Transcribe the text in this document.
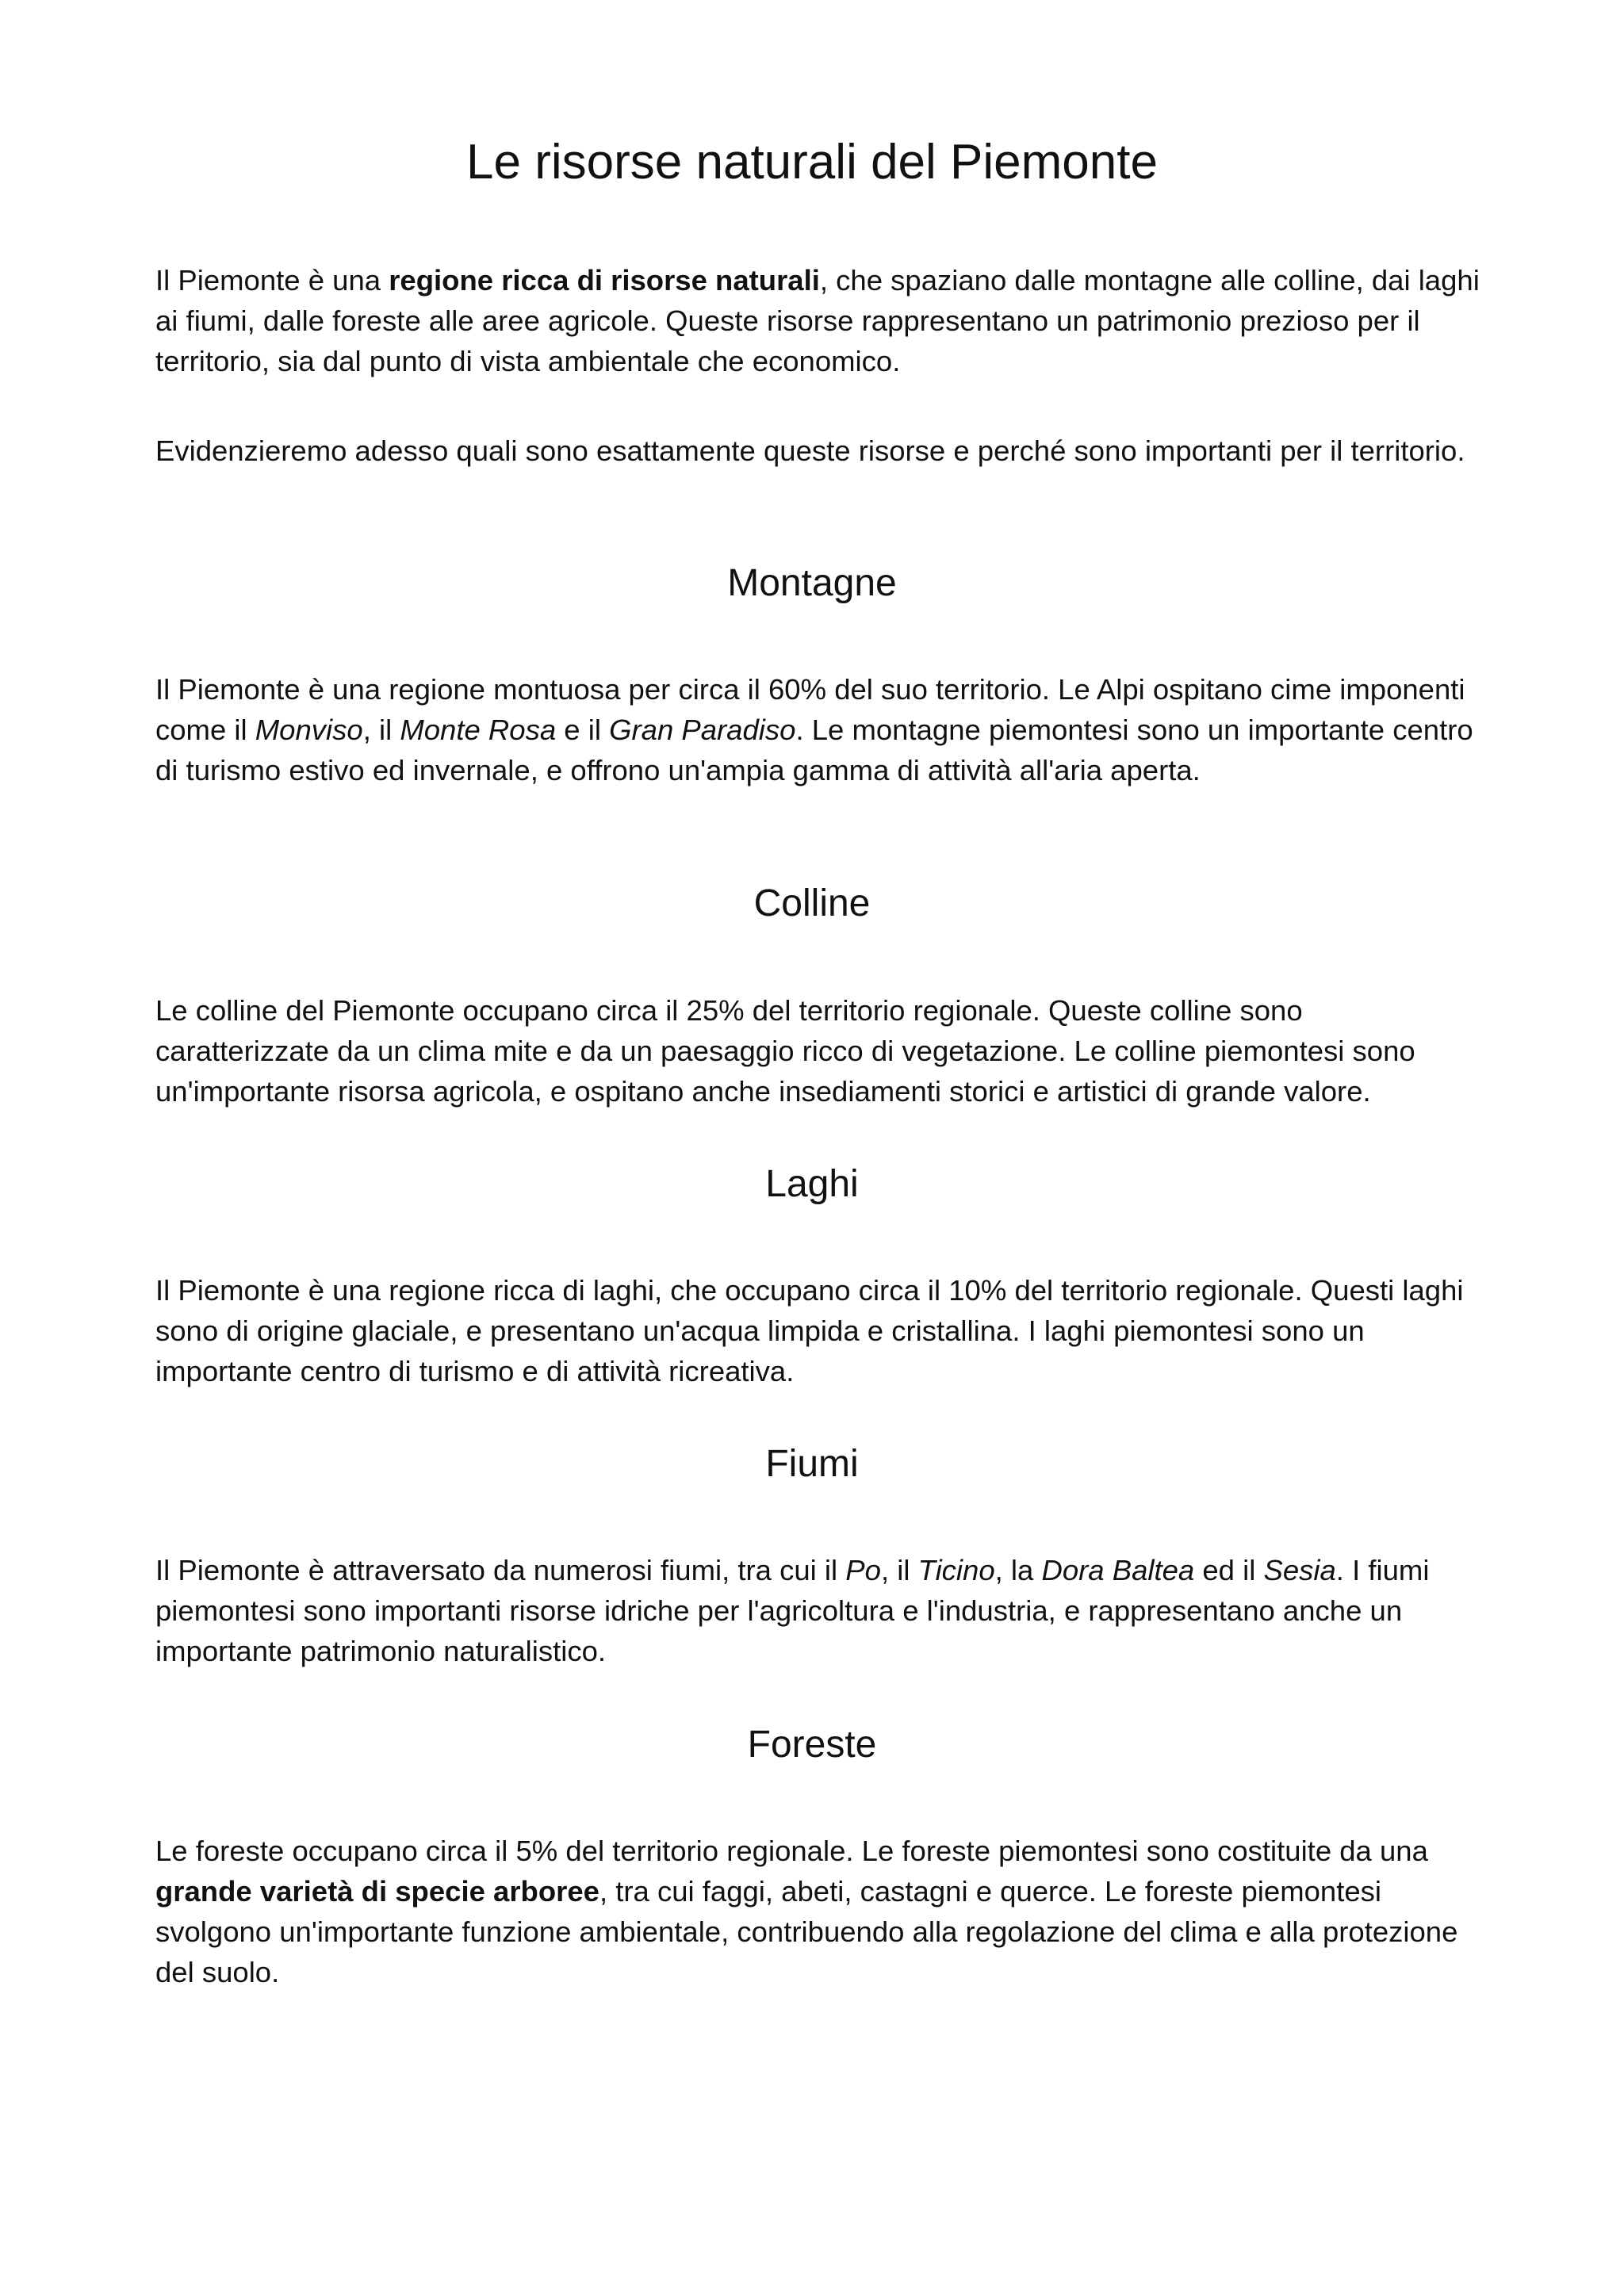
Le risorse naturali del Piemonte

Il Piemonte è una regione ricca di risorse naturali, che spaziano dalle montagne alle colline, dai laghi ai fiumi, dalle foreste alle aree agricole. Queste risorse rappresentano un patrimonio prezioso per il territorio, sia dal punto di vista ambientale che economico.

Evidenzieremo adesso quali sono esattamente queste risorse e perché sono importanti per il territorio.

Montagne

Il Piemonte è una regione montuosa per circa il 60% del suo territorio. Le Alpi ospitano cime imponenti come il Monviso, il Monte Rosa e il Gran Paradiso. Le montagne piemontesi sono un importante centro di turismo estivo ed invernale, e offrono un'ampia gamma di attività all'aria aperta.

Colline

Le colline del Piemonte occupano circa il 25% del territorio regionale. Queste colline sono caratterizzate da un clima mite e da un paesaggio ricco di vegetazione. Le colline piemontesi sono un'importante risorsa agricola, e ospitano anche insediamenti storici e artistici di grande valore.

Laghi

Il Piemonte è una regione ricca di laghi, che occupano circa il 10% del territorio regionale. Questi laghi sono di origine glaciale, e presentano un'acqua limpida e cristallina. I laghi piemontesi sono un importante centro di turismo e di attività ricreativa.

Fiumi

Il Piemonte è attraversato da numerosi fiumi, tra cui il Po, il Ticino, la Dora Baltea ed il Sesia. I fiumi piemontesi sono importanti risorse idriche per l'agricoltura e l'industria, e rappresentano anche un importante patrimonio naturalistico.

Foreste

Le foreste occupano circa il 5% del territorio regionale. Le foreste piemontesi sono costituite da una grande varietà di specie arboree, tra cui faggi, abeti, castagni e querce. Le foreste piemontesi svolgono un'importante funzione ambientale, contribuendo alla regolazione del clima e alla protezione del suolo.
